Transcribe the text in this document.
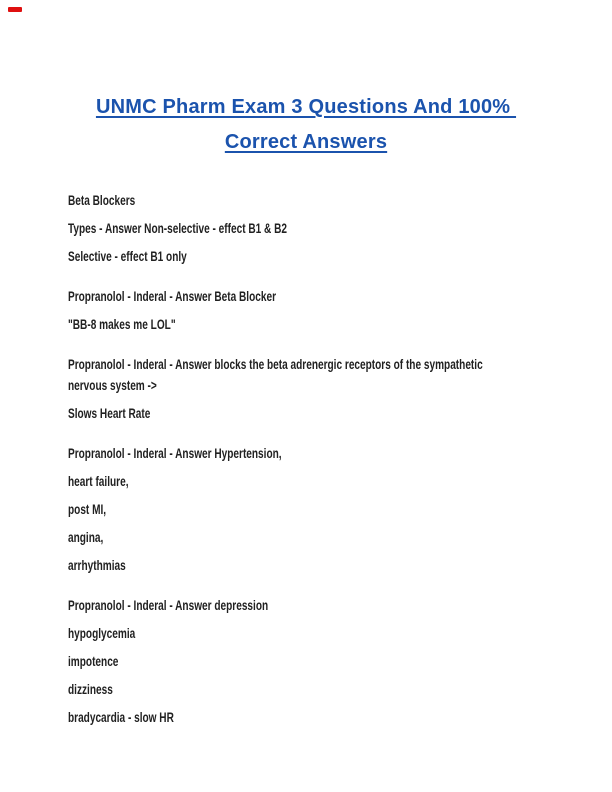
UNMC Pharm Exam 3 Questions And 100%
Correct Answers
Beta Blockers
Types - Answer Non-selective - effect B1 & B2
Selective - effect B1 only
Propranolol - Inderal - Answer Beta Blocker
"BB-8 makes me LOL"
Propranolol - Inderal - Answer blocks the beta adrenergic receptors of the sympathetic
nervous system ->
Slows Heart Rate
Propranolol - Inderal - Answer Hypertension,
heart failure,
post MI,
angina,
arrhythmias
Propranolol - Inderal - Answer depression
hypoglycemia
impotence
dizziness
bradycardia - slow HR
